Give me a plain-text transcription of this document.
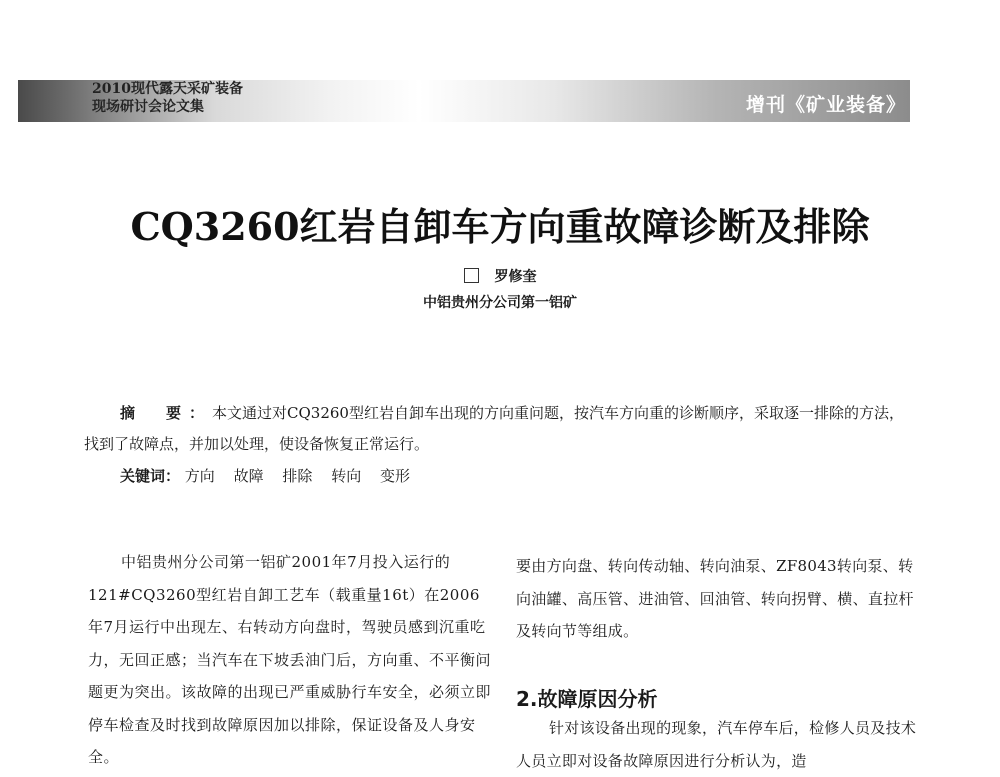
2010现代露天采矿装备
现场研讨会论文集	增刊《矿业装备》
CQ3260红岩自卸车方向重故障诊断及排除
罗修奎
中铝贵州分公司第一铝矿
摘　要：本文通过对CQ3260型红岩自卸车出现的方向重问题，按汽车方向重的诊断顺序，采取逐一排除的方法，找到了故障点，并加以处理，使设备恢复正常运行。
关键词： 方向 故障 排除 转向 变形
中铝贵州分公司第一铝矿2001年7月投入运行的121#CQ3260型红岩自卸工艺车（载重量16t）在2006年7月运行中出现左、右转动方向盘时，驾驶员感到沉重吃力，无回正感；当汽车在下坡丢油门后，方向重、不平衡问题更为突出。该故障的出现已严重威胁行车安全，必须立即停车检查及时找到故障原因加以排除，保证设备及人身安全。
要由方向盘、转向传动轴、转向油泵、ZF8043转向泵、转向油罐、高压管、进油管、回油管、转向拐臂、横、直拉杆及转向节等组成。
2.故障原因分析
针对该设备出现的现象，汽车停车后，检修人员及技术人员立即对设备故障原因进行分析认为，造
